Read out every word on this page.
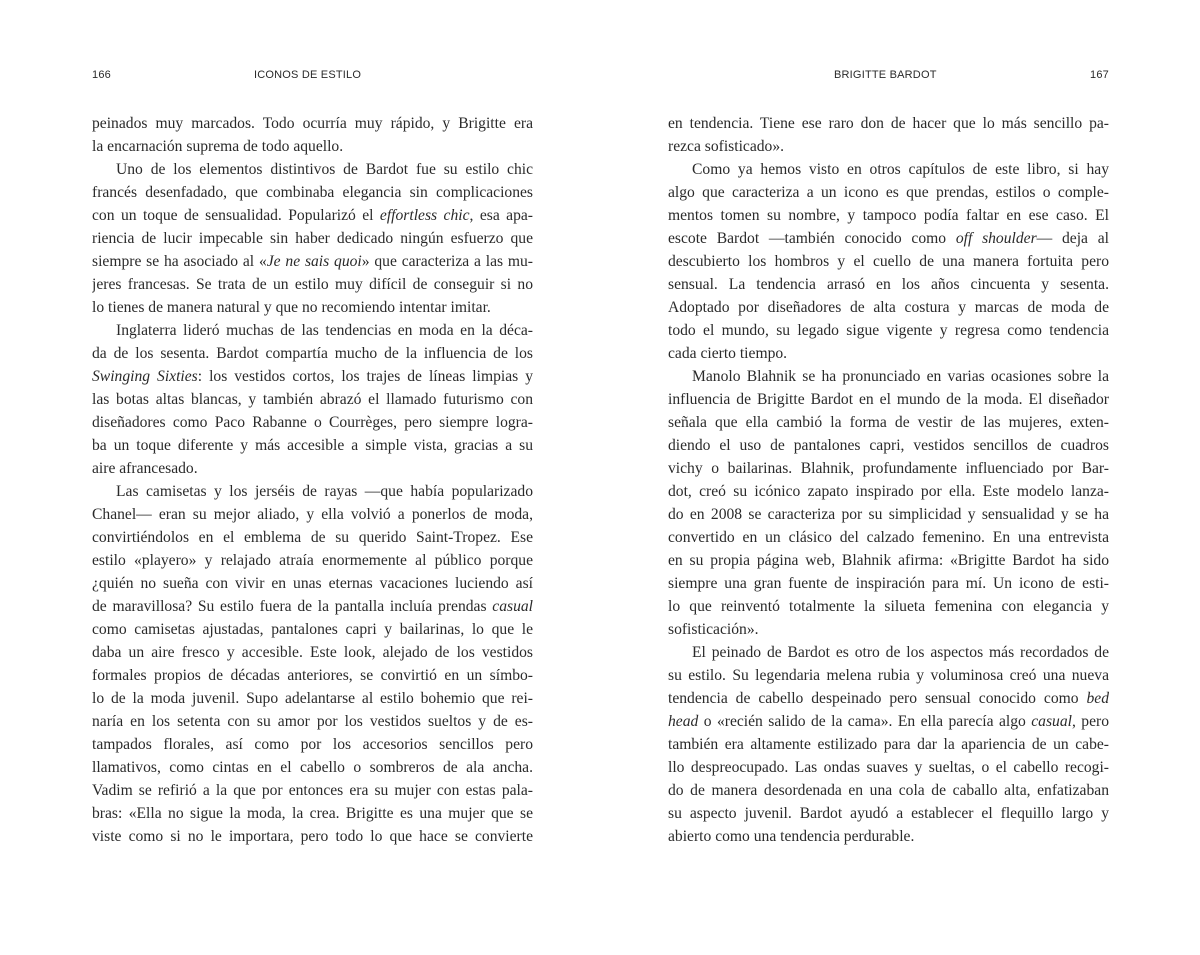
166	ICONOS DE ESTILO
peinados muy marcados. Todo ocurría muy rápido, y Brigitte era
la encarnación suprema de todo aquello.
Uno de los elementos distintivos de Bardot fue su estilo chic
francés desenfadado, que combinaba elegancia sin complicaciones
con un toque de sensualidad. Popularizó el effortless chic, esa apa-
riencia de lucir impecable sin haber dedicado ningún esfuerzo que
siempre se ha asociado al «Je ne sais quoi» que caracteriza a las mu-
jeres francesas. Se trata de un estilo muy difícil de conseguir si no
lo tienes de manera natural y que no recomiendo intentar imitar.
Inglaterra lideró muchas de las tendencias en moda en la déca-
da de los sesenta. Bardot compartía mucho de la influencia de los
Swinging Sixties: los vestidos cortos, los trajes de líneas limpias y
las botas altas blancas, y también abrazó el llamado futurismo con
diseñadores como Paco Rabanne o Courrèges, pero siempre logra-
ba un toque diferente y más accesible a simple vista, gracias a su
aire afrancesado.
Las camisetas y los jerséis de rayas —que había popularizado
Chanel— eran su mejor aliado, y ella volvió a ponerlos de moda,
convirtiéndolos en el emblema de su querido Saint-Tropez. Ese
estilo «playero» y relajado atraía enormemente al público porque
¿quién no sueña con vivir en unas eternas vacaciones luciendo así
de maravillosa? Su estilo fuera de la pantalla incluía prendas casual
como camisetas ajustadas, pantalones capri y bailarinas, lo que le
daba un aire fresco y accesible. Este look, alejado de los vestidos
formales propios de décadas anteriores, se convirtió en un símbo-
lo de la moda juvenil. Supo adelantarse al estilo bohemio que rei-
naría en los setenta con su amor por los vestidos sueltos y de es-
tampados florales, así como por los accesorios sencillos pero
llamativos, como cintas en el cabello o sombreros de ala ancha.
Vadim se refirió a la que por entonces era su mujer con estas pala-
bras: «Ella no sigue la moda, la crea. Brigitte es una mujer que se
viste como si no le importara, pero todo lo que hace se convierte
BRIGITTE BARDOT	167
en tendencia. Tiene ese raro don de hacer que lo más sencillo pa-
rezca sofisticado».
Como ya hemos visto en otros capítulos de este libro, si hay
algo que caracteriza a un icono es que prendas, estilos o comple-
mentos tomen su nombre, y tampoco podía faltar en ese caso. El
escote Bardot —también conocido como off shoulder— deja al
descubierto los hombros y el cuello de una manera fortuita pero
sensual. La tendencia arrasó en los años cincuenta y sesenta.
Adoptado por diseñadores de alta costura y marcas de moda de
todo el mundo, su legado sigue vigente y regresa como tendencia
cada cierto tiempo.
Manolo Blahnik se ha pronunciado en varias ocasiones sobre la
influencia de Brigitte Bardot en el mundo de la moda. El diseñador
señala que ella cambió la forma de vestir de las mujeres, exten-
diendo el uso de pantalones capri, vestidos sencillos de cuadros
vichy o bailarinas. Blahnik, profundamente influenciado por Bar-
dot, creó su icónico zapato inspirado por ella. Este modelo lanza-
do en 2008 se caracteriza por su simplicidad y sensualidad y se ha
convertido en un clásico del calzado femenino. En una entrevista
en su propia página web, Blahnik afirma: «Brigitte Bardot ha sido
siempre una gran fuente de inspiración para mí. Un icono de esti-
lo que reinventó totalmente la silueta femenina con elegancia y
sofisticación».
El peinado de Bardot es otro de los aspectos más recordados de
su estilo. Su legendaria melena rubia y voluminosa creó una nueva
tendencia de cabello despeinado pero sensual conocido como bed
head o «recién salido de la cama». En ella parecía algo casual, pero
también era altamente estilizado para dar la apariencia de un cabe-
llo despreocupado. Las ondas suaves y sueltas, o el cabello recogi-
do de manera desordenada en una cola de caballo alta, enfatizaban
su aspecto juvenil. Bardot ayudó a establecer el flequillo largo y
abierto como una tendencia perdurable.
